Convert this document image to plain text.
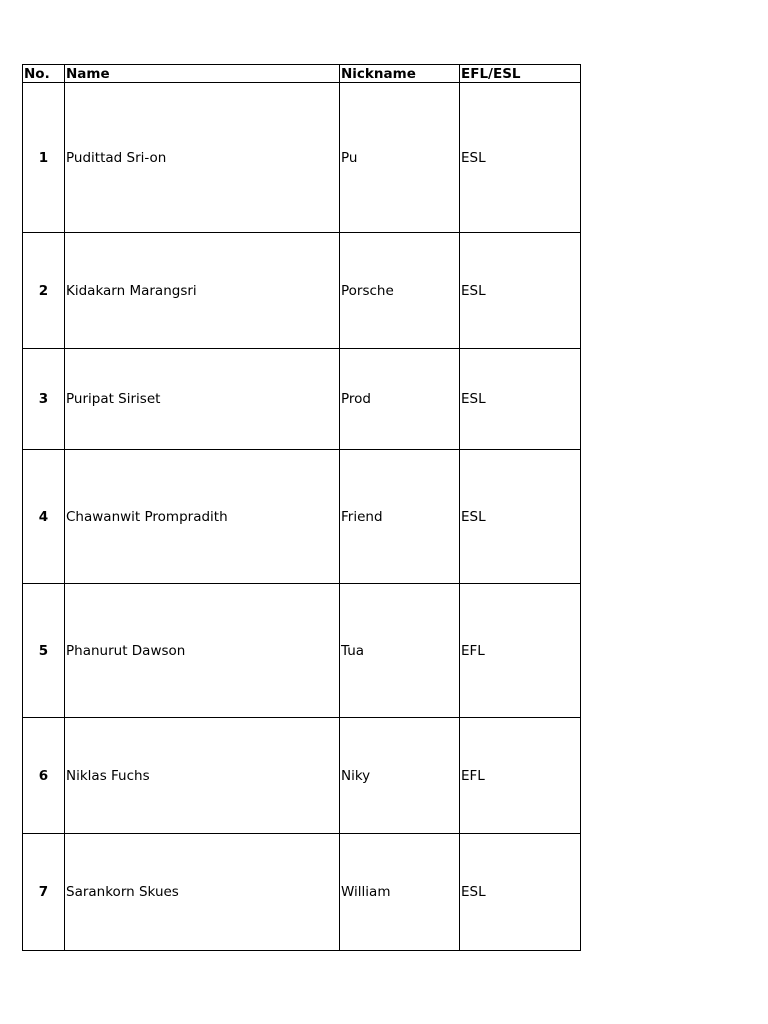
No.	Name	Nickname	EFL/ESL
1	Pudittad Sri-on	Pu	ESL
2	Kidakarn Marangsri	Porsche	ESL
3	Puripat Siriset	Prod	ESL
4	Chawanwit Prompradith	Friend	ESL
5	Phanurut Dawson	Tua	EFL
6	Niklas Fuchs	Niky	EFL
7	Sarankorn Skues	William	ESL
